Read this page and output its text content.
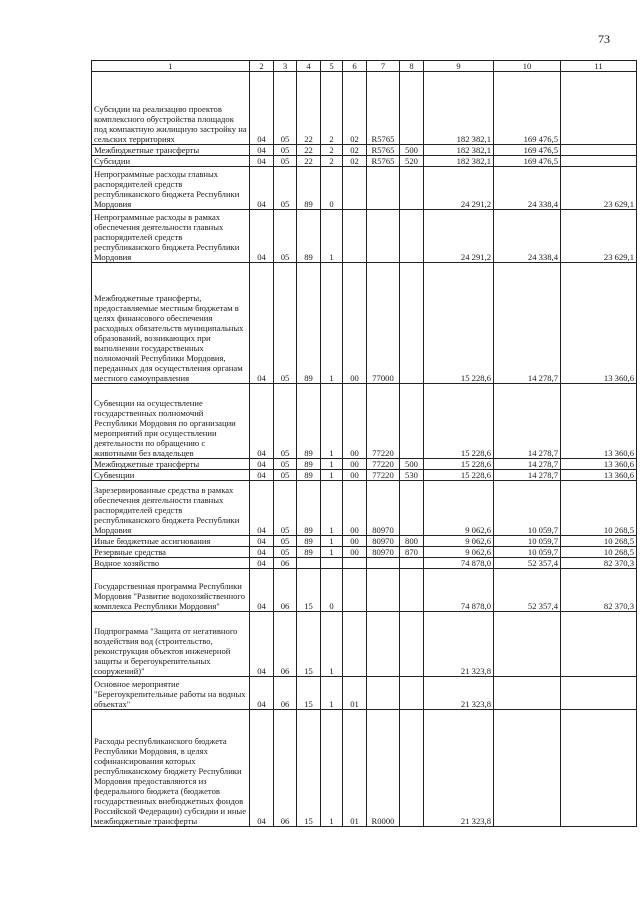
73
1	2	3	4	5	6	7	8	9	10	11
Субсидии на реализацию проектов комплексного обустройства площадок под компактную жилищную застройку на сельских территориях	04	05	22	2	02	R5765		182 382,1	169 476,5	
Межбюджетные трансферты	04	05	22	2	02	R5765	500	182 382,1	169 476,5	
Субсидии	04	05	22	2	02	R5765	520	182 382,1	169 476,5	
Непрограммные расходы главных распорядителей средств республиканского бюджета Республики Мордовия	04	05	89	0				24 291,2	24 338,4	23 629,1
Непрограммные расходы в рамках обеспечения деятельности главных распорядителей средств республиканского бюджета Республики Мордовия	04	05	89	1				24 291,2	24 338,4	23 629,1
Межбюджетные трансферты, предоставляемые местным бюджетам в целях финансового обеспечения расходных обязательств муниципальных образований, возникающих при выполнении государственных полномочий Республики Мордовия, переданных для осуществления органам местного самоуправления	04	05	89	1	00	77000		15 228,6	14 278,7	13 360,6
Субвенции на осуществление государственных полномочий Республики Мордовия по организации мероприятий при осуществлении деятельности по обращению с животными без владельцев	04	05	89	1	00	77220		15 228,6	14 278,7	13 360,6
Межбюджетные трансферты	04	05	89	1	00	77220	500	15 228,6	14 278,7	13 360,6
Субвенции	04	05	89	1	00	77220	530	15 228,6	14 278,7	13 360,6
Зарезервированные средства в рамках обеспечения деятельности главных распорядителей средств республиканского бюджета Республики Мордовия	04	05	89	1	00	80970		9 062,6	10 059,7	10 268,5
Иные бюджетные ассигнования	04	05	89	1	00	80970	800	9 062,6	10 059,7	10 268,5
Резервные средства	04	05	89	1	00	80970	870	9 062,6	10 059,7	10 268,5
Водное хозяйство	04	06						74 878,0	52 357,4	82 370,3
Государственная программа Республики Мордовия "Развитие водохозяйственного комплекса Республики Мордовия"	04	06	15	0				74 878,0	52 357,4	82 370,3
Подпрограмма "Защита от негативного воздействия вод (строительство, реконструкция объектов инженерной защиты и берегоукрепительных сооружений)"	04	06	15	1				21 323,8		
Основное мероприятие "Берегоукрепительные работы на водных объектах"	04	06	15	1	01			21 323,8		
Расходы республиканского бюджета Республики Мордовия, в целях софинансирования которых республиканскому бюджету Республики Мордовия предоставляются из федерального бюджета (бюджетов государственных внебюджетных фондов Российской Федерации) субсидии и иные межбюджетные трансферты	04	06	15	1	01	R0000		21 323,8		
